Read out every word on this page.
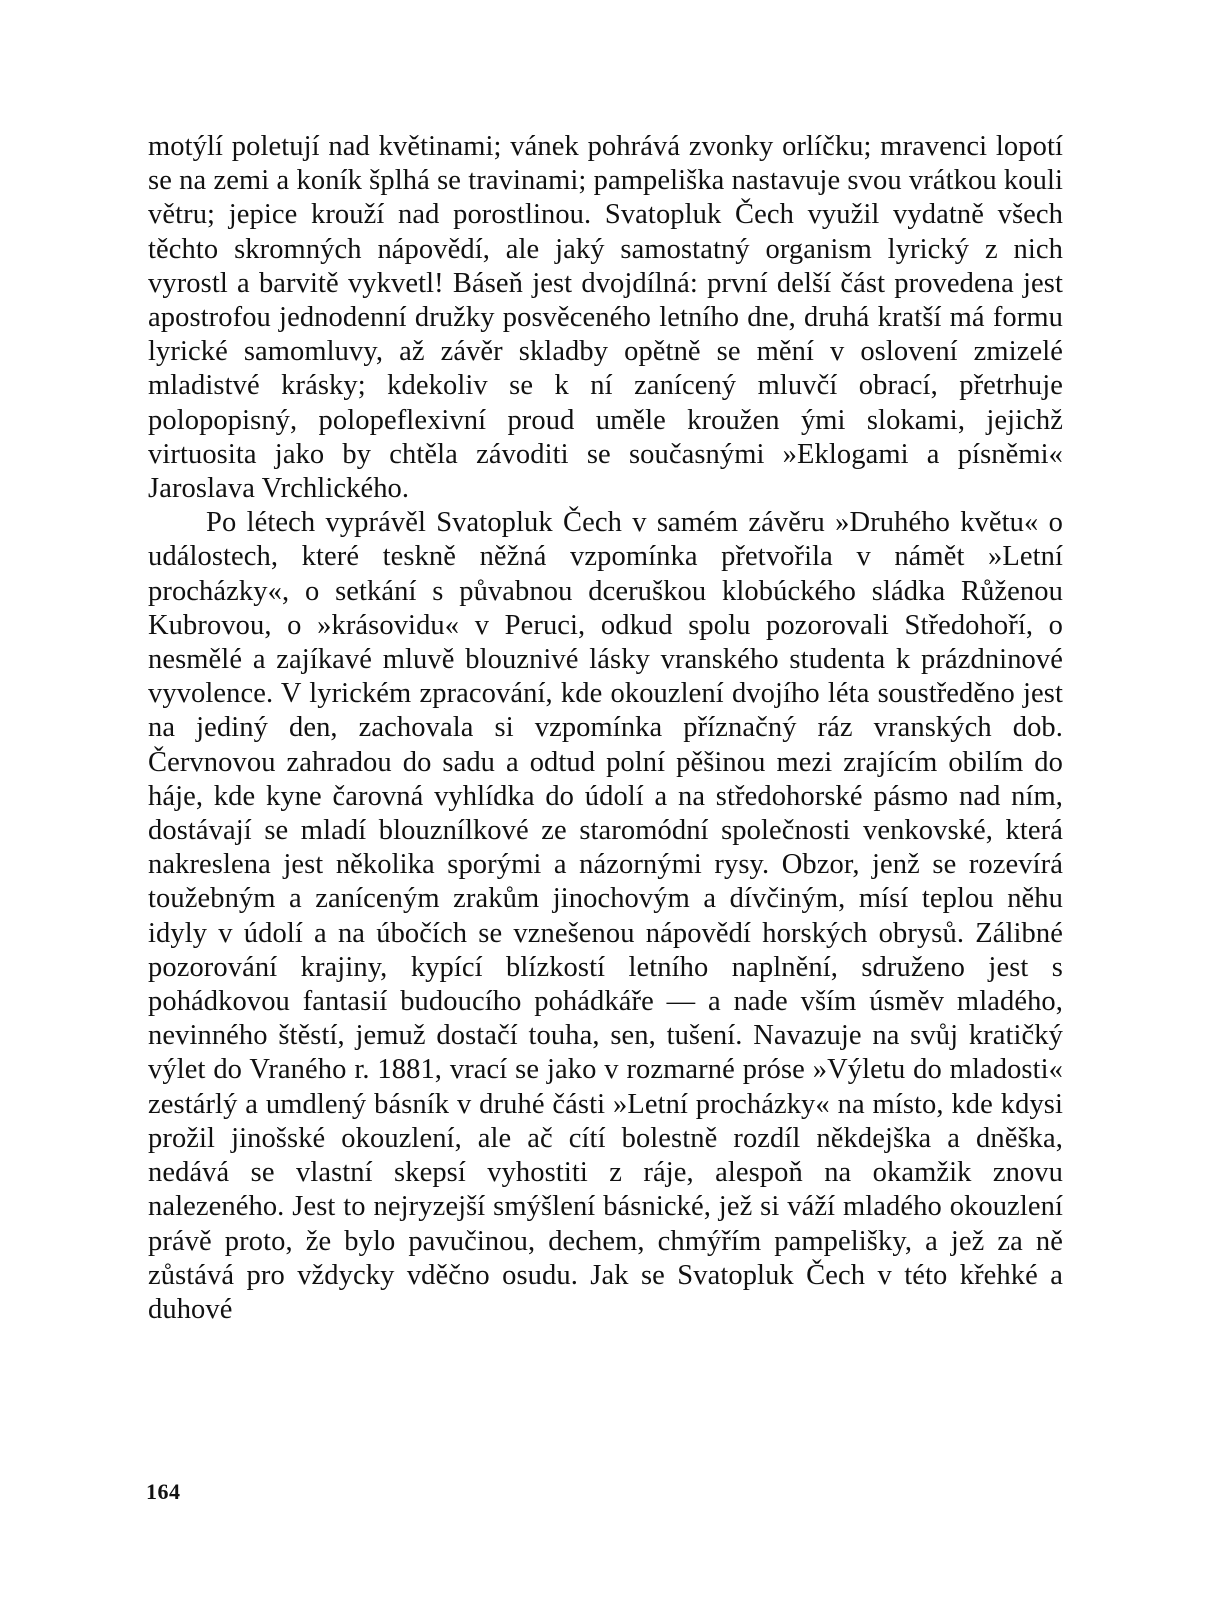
motýlí poletují nad květinami; vánek pohrává zvonky orlíčku; mravenci lopotí se na zemi a koník šplhá se travinami; pampeliška nastavuje svou vrátkou kouli větru; jepice krouží nad porostlinou. Svatopluk Čech využil vydatně všech těchto skromných nápovědí, ale jaký samostatný organism lyrický z nich vyrostl a barvitě vykvetl! Báseň jest dvojdílná: první delší část provedena jest apostrofou jednodenní družky posvěceného letního dne, druhá kratší má formu lyrické samomluvy, až závěr skladby opětně se mění v oslovení zmizelé mladistvé krásky; kdekoliv se k ní zanícený mluvčí obrací, přetrhuje polopopisný, polореflexivní proud uměle kroužen ými slokami, jejichž virtuosita jako by chtěla závoditi se současnými »Eklogami a písněmi« Jaroslava Vrchlického.

Po létech vyprávěl Svatopluk Čech v samém závěru »Druhého květu« o událostech, které teskně něžná vzpomínka přetvořila v námět »Letní procházky«, o setkání s půvabnou dceruškou klobúckého sládka Růženou Kubrovou, o »krásovidu« v Peruci, odkud spolu pozorovali Středohoří, o nesmělé a zajíkavé mluvě blouznivé lásky vranského studenta k prázdninové vyvolence. V lyrickém zpracování, kde okouzlení dvojího léta soustředěno jest na jediný den, zachovala si vzpomínka příznačný ráz vranských dob. Červnovou zahradou do sadu a odtud polní pěšinou mezi zrajícím obilím do háje, kde kyne čarovná vyhlídka do údolí a na středohorské pásmo nad ním, dostávají se mladí blouznílkové ze staromódní společnosti venkovské, která nakreslena jest několika sporými a názornými rysy. Obzor, jenž se rozevírá toužebným a zaníceným zrakům jinochovým a dívčiným, mísí teplou něhu idyly v údolí a na úbočích se vznešenou nápovědí horských obrysů. Zálibné pozorování krajiny, kypící blízkostí letního naplnění, sdruženo jest s pohádkovou fantasií budoucího pohádkáře — a nade vším úsměv mladého, nevinného štěstí, jemuž dostačí touha, sen, tušení. Navazuje na svůj kratičký výlet do Vraného r. 1881, vrací se jako v rozmarné próse »Výletu do mladosti« zestárlý a umdlený básník v druhé části »Letní procházky« na místo, kde kdysi prožil jinošské okouzlení, ale ač cítí bolestně rozdíl někdejška a dněška, nedává se vlastní skepsí vyhostiti z ráje, alespoň na okamžik znovu nalezeného. Jest to nejryzejší smýšlení básnické, jež si váží mladého okouzlení právě proto, že bylo pavučinou, dechem, chmýřím pampelišky, a jež za ně zůstává pro vždycky vděčno osudu. Jak se Svatopluk Čech v této křehké a duhové

164
